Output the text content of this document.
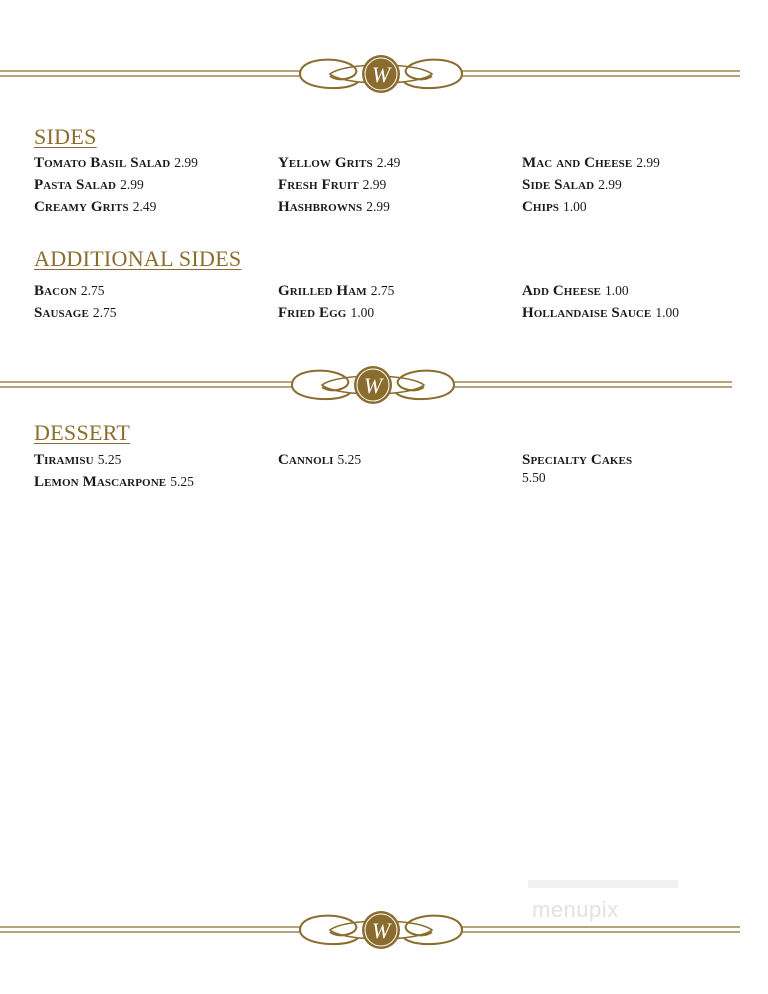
W
W
W
SIDES
Tomato Basil Salad 2.99
Pasta Salad 2.99
Creamy Grits 2.49
Yellow Grits 2.49
Fresh Fruit 2.99
Hashbrowns 2.99
Mac and Cheese 2.99
Side Salad 2.99
Chips 1.00
ADDITIONAL SIDES
Bacon 2.75
Sausage 2.75
Grilled Ham 2.75
Fried Egg 1.00
Add Cheese 1.00
Hollandaise Sauce 1.00
DESSERT
Tiramisu 5.25
Lemon Mascarpone 5.25
Cannoli 5.25	Specialty Cakes
5.50
menupix
